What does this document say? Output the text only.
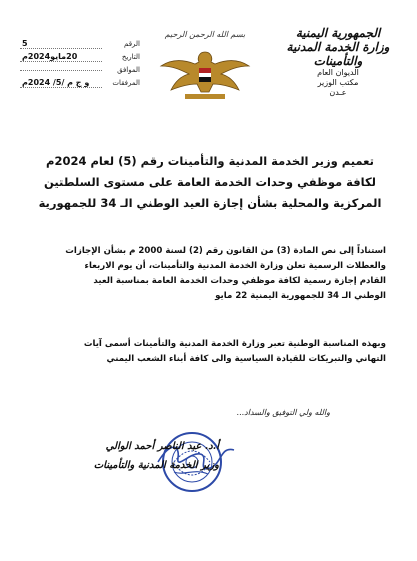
الجمهورية اليمنية
وزارة الخدمة المدنية والتأمينات
الديوان العام
مكتب الوزير
عـدن
بسم الله الرحمن الرحيم
الرقم
5
التاريخ
20مايو2024م
الموافق
المرفقات
و ج م /5/ 2024م
تعميم وزير الخدمة المدنية والتأمينات رقم (5) لعام 2024م
لكافة موظفي وحدات الخدمة العامة على مستوى السلطتين
المركزية والمحلية بشأن إجازة العيد الوطني الـ 34 للجمهورية
استناداً إلى نص المادة (3) من القانون رقم (2) لسنة 2000 م بشأن الإجازات
والعطلات الرسمية تعلن وزارة الخدمة المدنية والتأمينات، أن يوم الاربعاء
القادم إجازة رسمية لكافة موظفي وحدات الخدمة العامة بمناسبة العيد
الوطني الـ 34 للجمهورية اليمنية 22 مايو
وبهذه المناسبة الوطنية تعبر وزارة الخدمة المدنية والتأمينات أسمى آيات
التهاني والتبريكات للقيادة السياسية والى كافة أبناء الشعب اليمني
والله ولي التوفيق والسداد...
أ.د. عبد الناصر أحمد الوالي
وزير الخدمة المدنية والتأمينات
